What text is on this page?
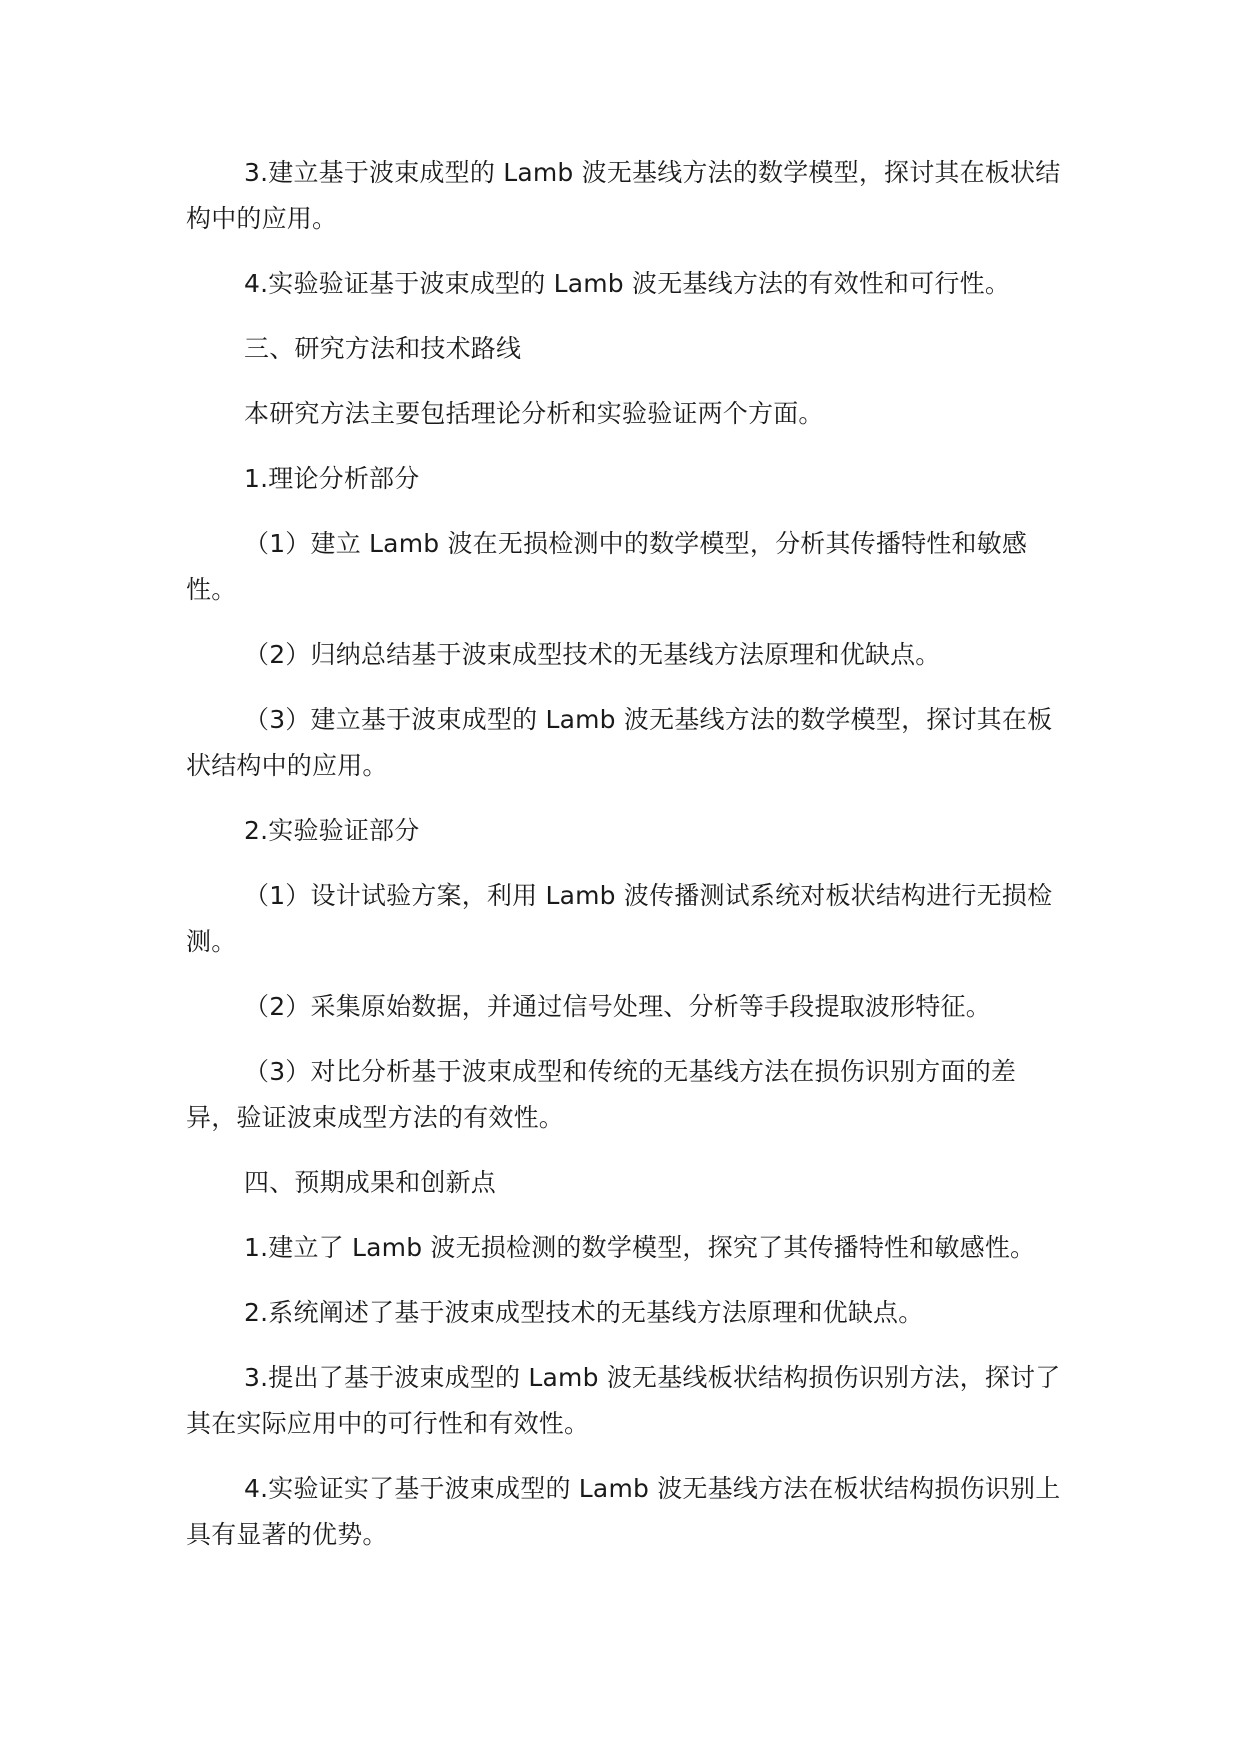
3.建立基于波束成型的 Lamb 波无基线方法的数学模型，探讨其在板状结构中的应用。

4.实验验证基于波束成型的 Lamb 波无基线方法的有效性和可行性。

三、研究方法和技术路线

本研究方法主要包括理论分析和实验验证两个方面。

1.理论分析部分

（1）建立 Lamb 波在无损检测中的数学模型，分析其传播特性和敏感性。

（2）归纳总结基于波束成型技术的无基线方法原理和优缺点。

（3）建立基于波束成型的 Lamb 波无基线方法的数学模型，探讨其在板状结构中的应用。

2.实验验证部分

（1）设计试验方案，利用 Lamb 波传播测试系统对板状结构进行无损检测。

（2）采集原始数据，并通过信号处理、分析等手段提取波形特征。

（3）对比分析基于波束成型和传统的无基线方法在损伤识别方面的差异，验证波束成型方法的有效性。

四、预期成果和创新点

1.建立了 Lamb 波无损检测的数学模型，探究了其传播特性和敏感性。

2.系统阐述了基于波束成型技术的无基线方法原理和优缺点。

3.提出了基于波束成型的 Lamb 波无基线板状结构损伤识别方法，探讨了其在实际应用中的可行性和有效性。

4.实验证实了基于波束成型的 Lamb 波无基线方法在板状结构损伤识别上具有显著的优势。
